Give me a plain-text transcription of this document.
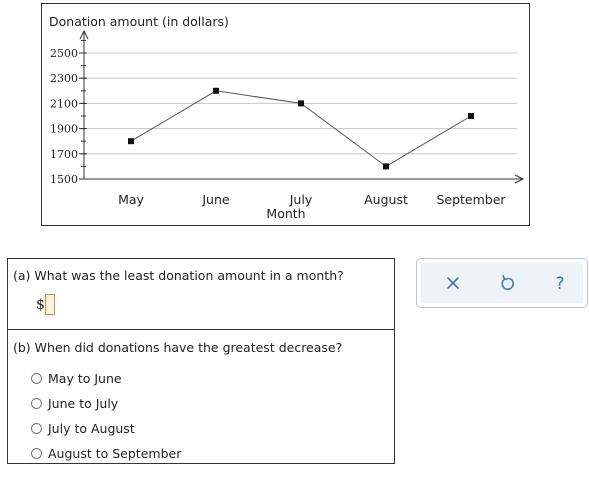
1500
1700
1900
2100
2300
2500
Donation amount (in dollars)
May	June	July	August September
Month
(a) What was the least donation amount in a month?
$
(b) When did donations have the greatest decrease?
May to June
June to July
July to August
August to September
?
